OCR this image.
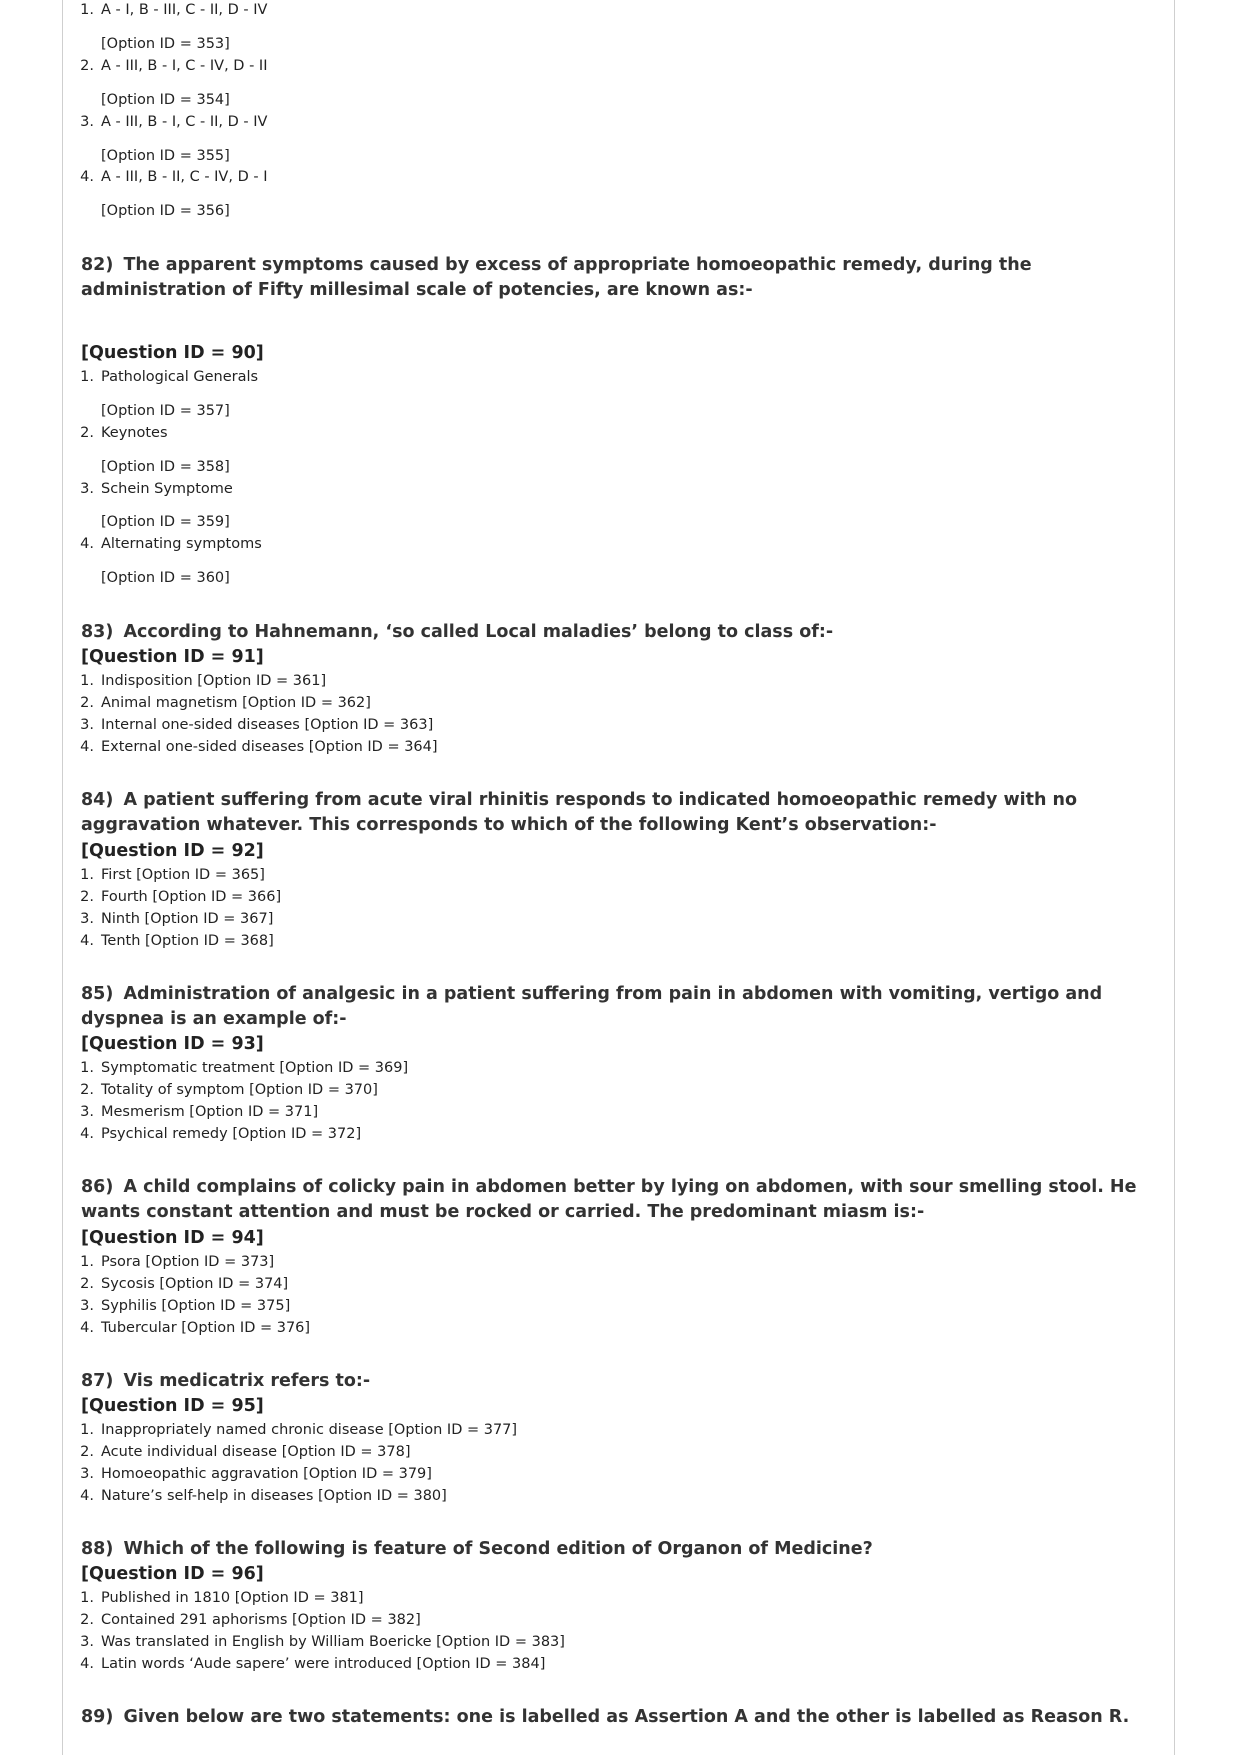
1. A - I, B - III, C - II, D - IV
[Option ID = 353]
2. A - III, B - I, C - IV, D - II
[Option ID = 354]
3. A - III, B - I, C - II, D - IV
[Option ID = 355]
4. A - III, B - II, C - IV, D - I
[Option ID = 356]
82) The apparent symptoms caused by excess of appropriate homoeopathic remedy, during the administration of Fifty millesimal scale of potencies, are known as:-
[Question ID = 90]
1. Pathological Generals
[Option ID = 357]
2. Keynotes
[Option ID = 358]
3. Schein Symptome
[Option ID = 359]
4. Alternating symptoms
[Option ID = 360]
83) According to Hahnemann, ‘so called Local maladies’ belong to class of:-
[Question ID = 91]
1. Indisposition [Option ID = 361]
2. Animal magnetism [Option ID = 362]
3. Internal one-sided diseases [Option ID = 363]
4. External one-sided diseases [Option ID = 364]
84) A patient suffering from acute viral rhinitis responds to indicated homoeopathic remedy with no aggravation whatever. This corresponds to which of the following Kent’s observation:-
[Question ID = 92]
1. First [Option ID = 365]
2. Fourth [Option ID = 366]
3. Ninth [Option ID = 367]
4. Tenth [Option ID = 368]
85) Administration of analgesic in a patient suffering from pain in abdomen with vomiting, vertigo and dyspnea is an example of:-
[Question ID = 93]
1. Symptomatic treatment [Option ID = 369]
2. Totality of symptom [Option ID = 370]
3. Mesmerism [Option ID = 371]
4. Psychical remedy [Option ID = 372]
86) A child complains of colicky pain in abdomen better by lying on abdomen, with sour smelling stool. He wants constant attention and must be rocked or carried. The predominant miasm is:-
[Question ID = 94]
1. Psora [Option ID = 373]
2. Sycosis [Option ID = 374]
3. Syphilis [Option ID = 375]
4. Tubercular [Option ID = 376]
87) Vis medicatrix refers to:-
[Question ID = 95]
1. Inappropriately named chronic disease [Option ID = 377]
2. Acute individual disease [Option ID = 378]
3. Homoeopathic aggravation [Option ID = 379]
4. Nature’s self-help in diseases [Option ID = 380]
88) Which of the following is feature of Second edition of Organon of Medicine?
[Question ID = 96]
1. Published in 1810 [Option ID = 381]
2. Contained 291 aphorisms [Option ID = 382]
3. Was translated in English by William Boericke [Option ID = 383]
4. Latin words ‘Aude sapere’ were introduced [Option ID = 384]
89) Given below are two statements: one is labelled as Assertion A and the other is labelled as Reason R.
